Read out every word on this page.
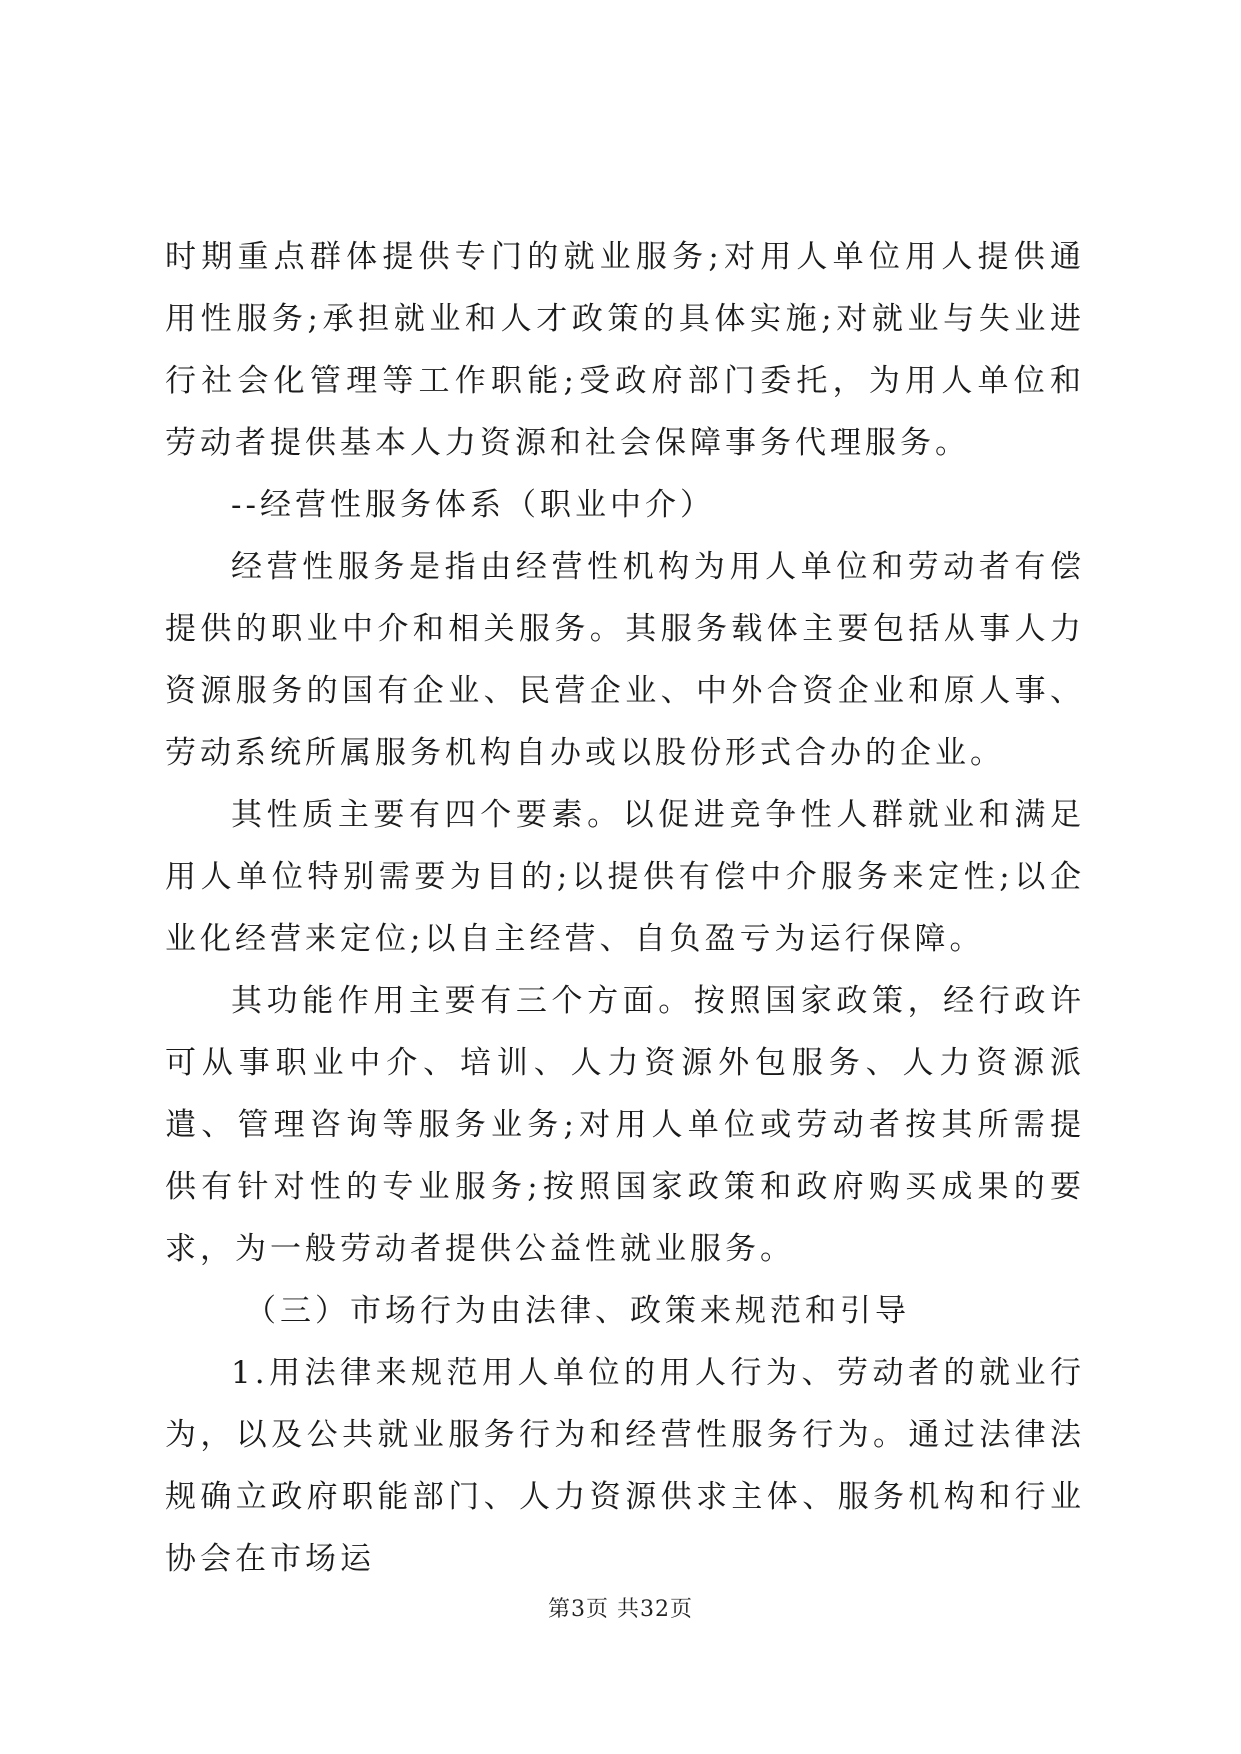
时期重点群体提供专门的就业服务;对用人单位用人提供通用性服务;承担就业和人才政策的具体实施;对就业与失业进行社会化管理等工作职能;受政府部门委托，为用人单位和劳动者提供基本人力资源和社会保障事务代理服务。

--经营性服务体系（职业中介）

经营性服务是指由经营性机构为用人单位和劳动者有偿提供的职业中介和相关服务。其服务载体主要包括从事人力资源服务的国有企业、民营企业、中外合资企业和原人事、劳动系统所属服务机构自办或以股份形式合办的企业。

其性质主要有四个要素。以促进竞争性人群就业和满足用人单位特别需要为目的;以提供有偿中介服务来定性;以企业化经营来定位;以自主经营、自负盈亏为运行保障。

其功能作用主要有三个方面。按照国家政策，经行政许可从事职业中介、培训、人力资源外包服务、人力资源派遣、管理咨询等服务业务;对用人单位或劳动者按其所需提供有针对性的专业服务;按照国家政策和政府购买成果的要求，为一般劳动者提供公益性就业服务。

（三）市场行为由法律、政策来规范和引导

1.用法律来规范用人单位的用人行为、劳动者的就业行为，以及公共就业服务行为和经营性服务行为。通过法律法规确立政府职能部门、人力资源供求主体、服务机构和行业协会在市场运

第3页 共32页
